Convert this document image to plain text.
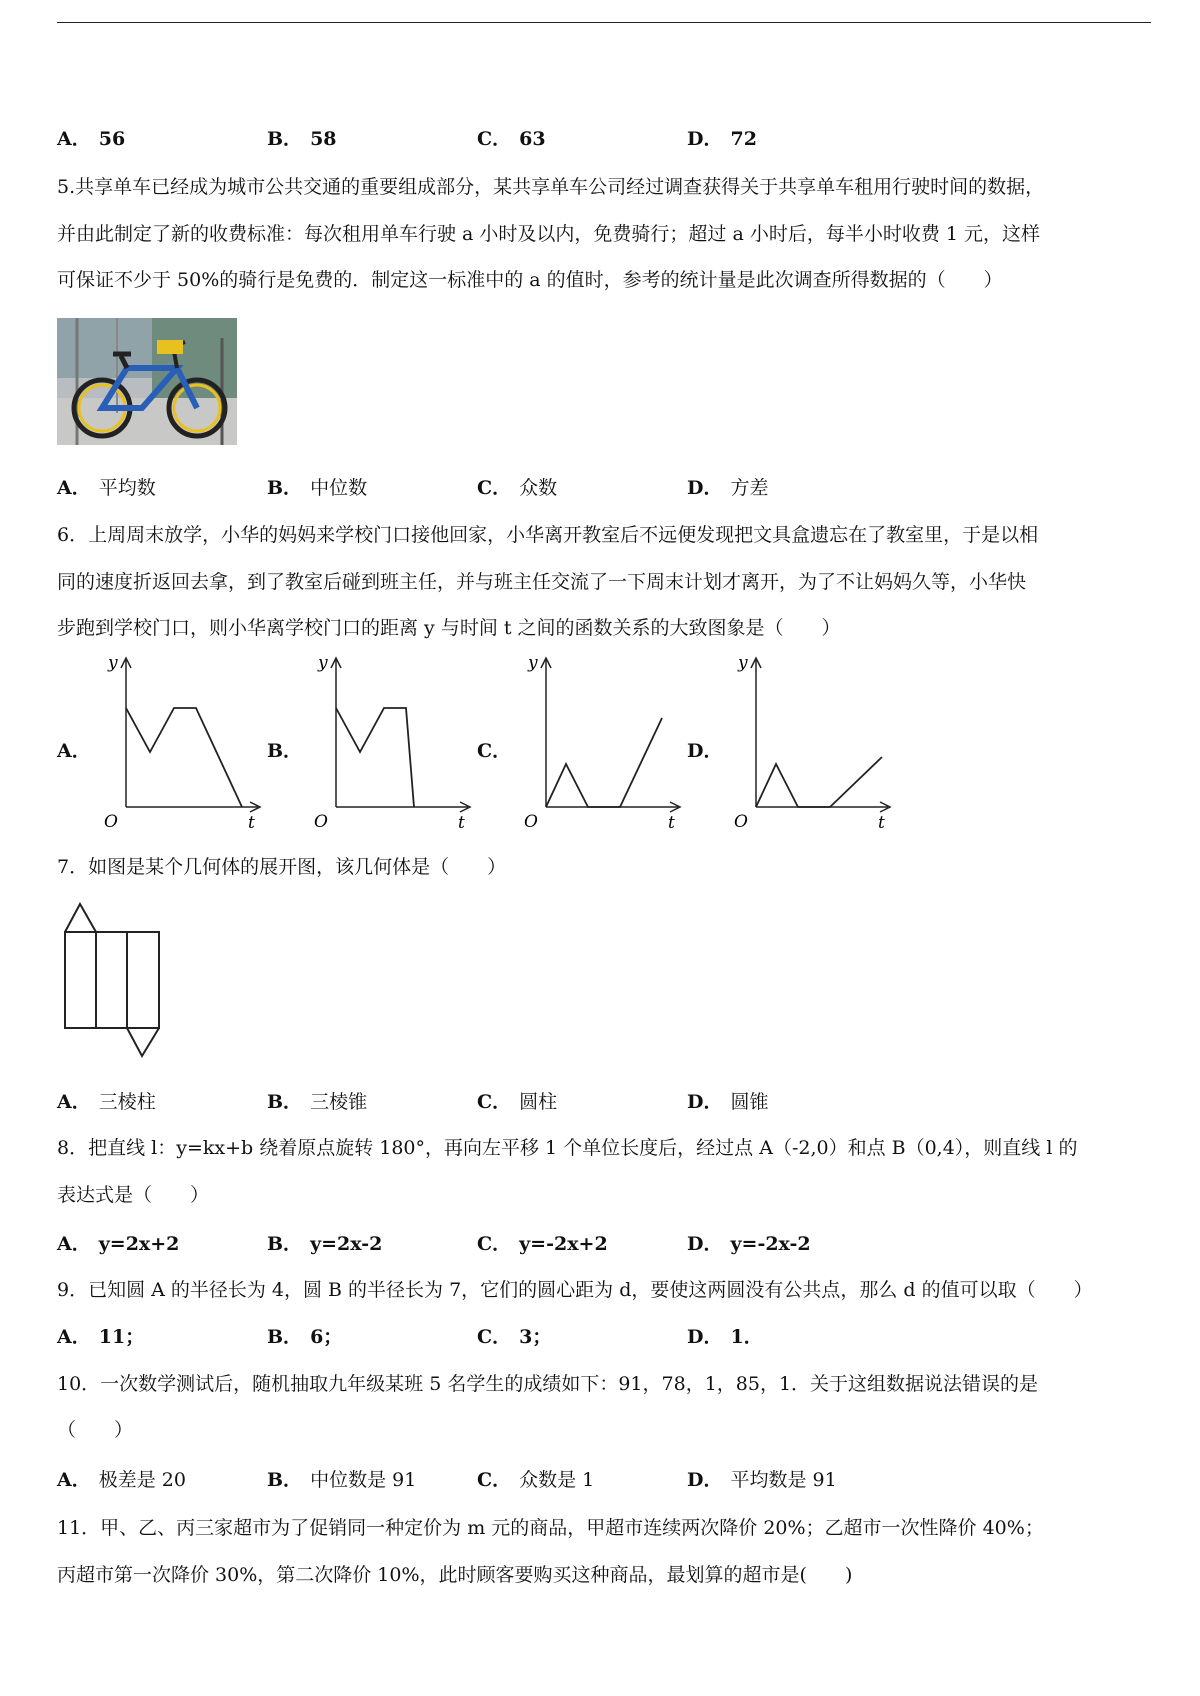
A． 56	B． 58	C． 63	D． 72
5.共享单车已经成为城市公共交通的重要组成部分，某共享单车公司经过调查获得关于共享单车租用行驶时间的数据，
并由此制定了新的收费标准：每次租用单车行驶 a 小时及以内，免费骑行；超过 a 小时后，每半小时收费 1 元，这样
可保证不少于 50%的骑行是免费的．制定这一标准中的 a 的值时，参考的统计量是此次调查所得数据的（　　）
A． 平均数	B． 中位数	C． 众数	D． 方差
6．上周周末放学，小华的妈妈来学校门口接他回家，小华离开教室后不远便发现把文具盒遗忘在了教室里，于是以相
同的速度折返回去拿，到了教室后碰到班主任，并与班主任交流了一下周末计划才离开，为了不让妈妈久等，小华快
步跑到学校门口，则小华离学校门口的距离 y 与时间 t 之间的函数关系的大致图象是（　　）
A．	B．	C．	D．
y
O	t
y
O	t
y
O	t
y
O	t
7．如图是某个几何体的展开图，该几何体是（　　）
A． 三棱柱	B． 三棱锥	C． 圆柱	D． 圆锥
8．把直线 l：y=kx+b 绕着原点旋转 180°，再向左平移 1 个单位长度后，经过点 A（-2,0）和点 B（0,4），则直线 l 的
表达式是（　　）
A． y=2x+2	B． y=2x-2	C． y=-2x+2	D． y=-2x-2
9．已知圆 A 的半径长为 4，圆 B 的半径长为 7，它们的圆心距为 d，要使这两圆没有公共点，那么 d 的值可以取（　　）
A． 11；	B． 6；	C． 3；	D． 1．
10．一次数学测试后，随机抽取九年级某班 5 名学生的成绩如下：91，78，1，85，1．关于这组数据说法错误的是
（　　）
A． 极差是 20	B． 中位数是 91	C． 众数是 1	D． 平均数是 91
11．甲、乙、丙三家超市为了促销同一种定价为 m 元的商品，甲超市连续两次降价 20%；乙超市一次性降价 40%；
丙超市第一次降价 30%，第二次降价 10%，此时顾客要购买这种商品，最划算的超市是(　　)
